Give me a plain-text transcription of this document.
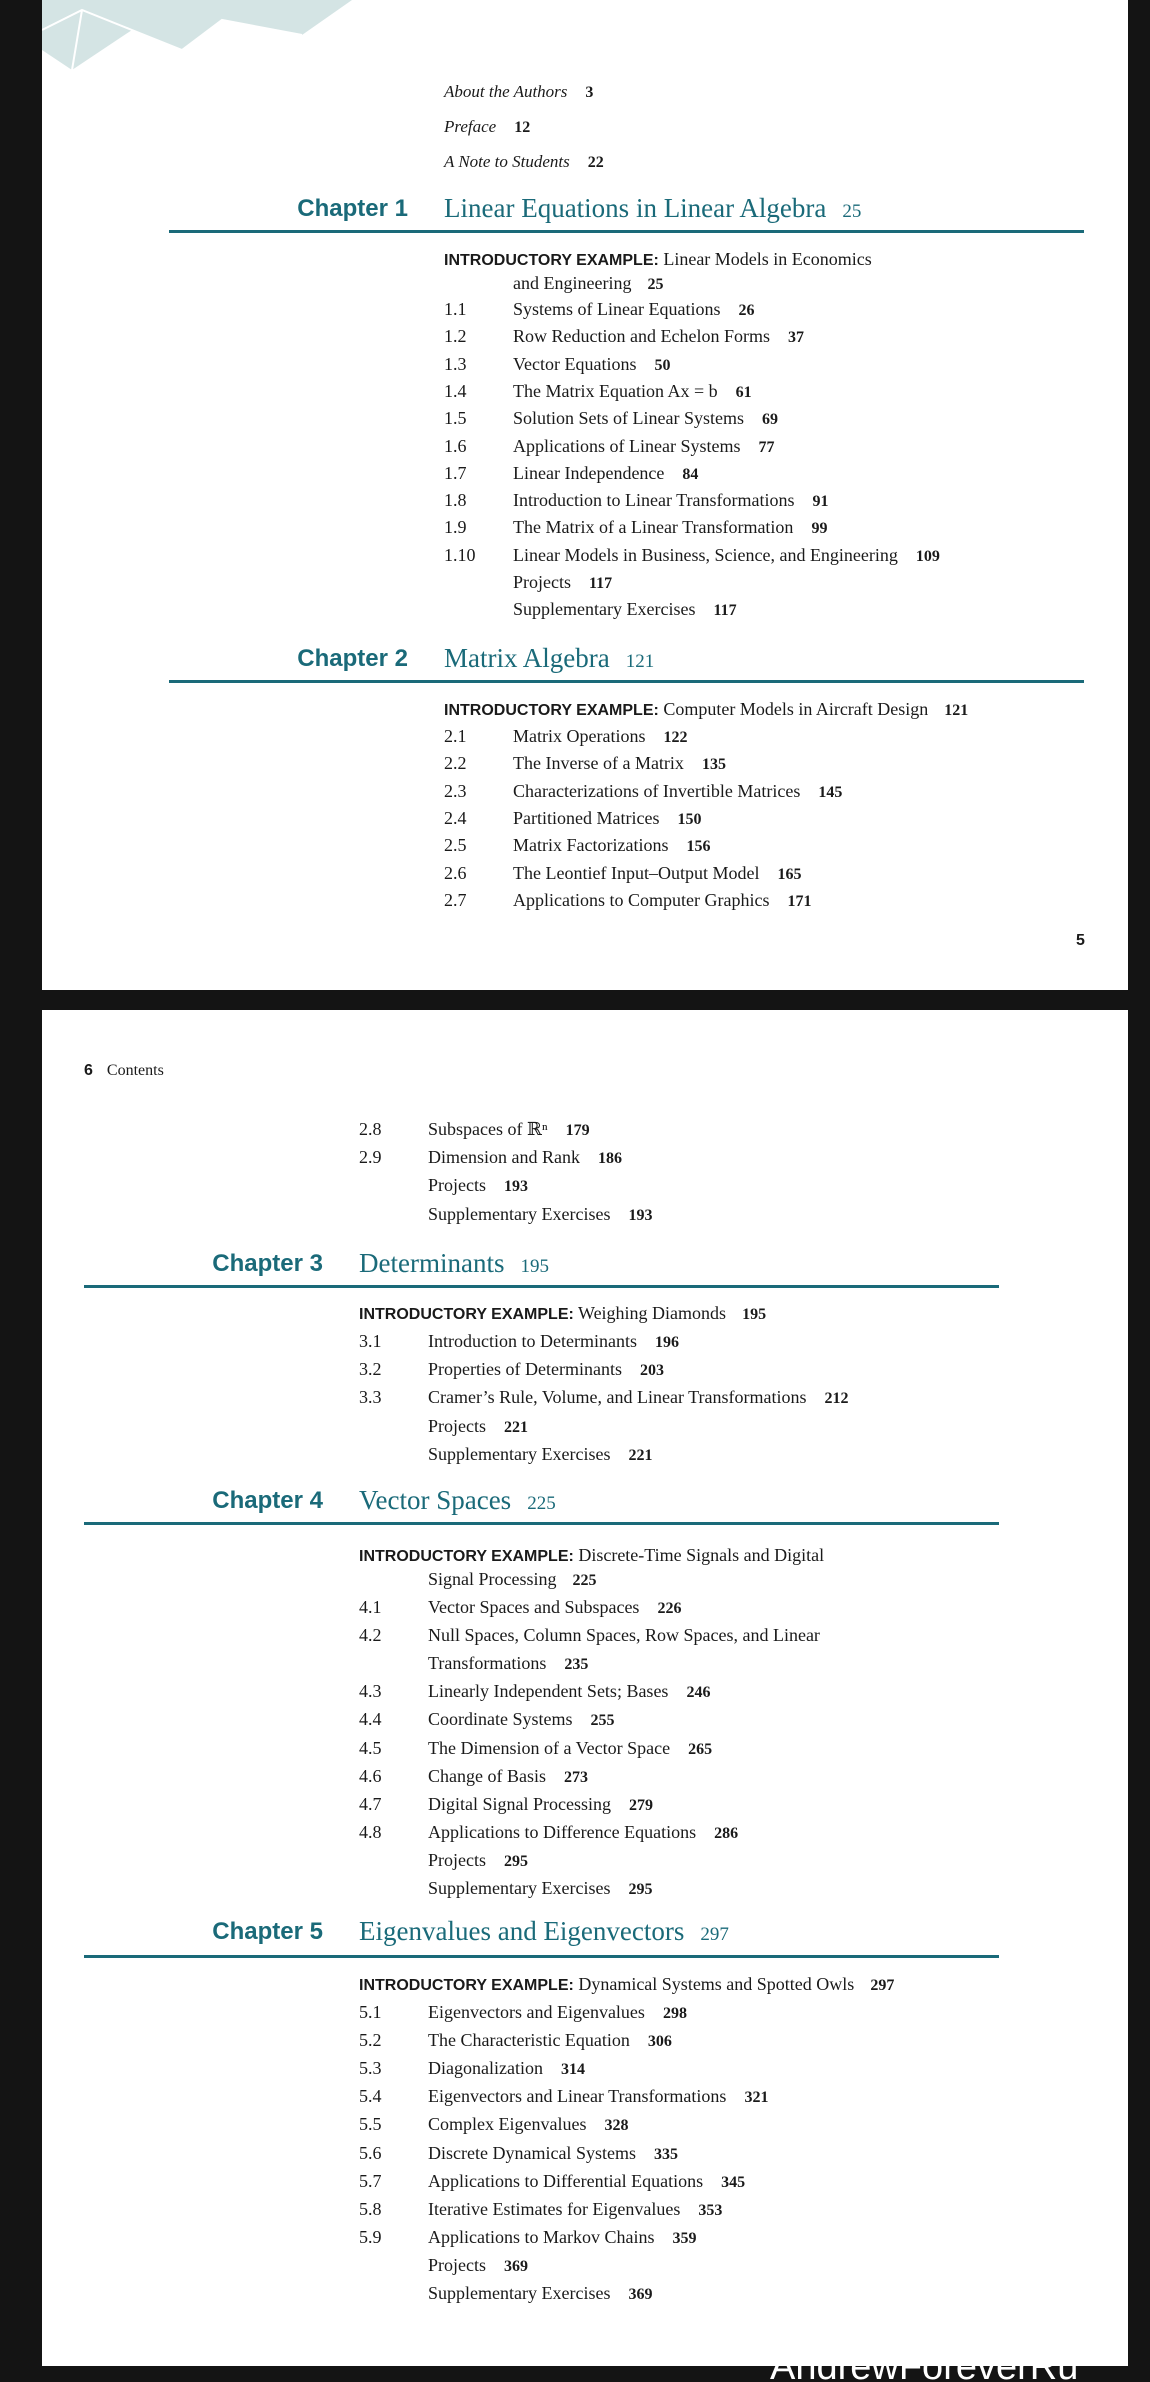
About the Authors 3
Preface 12
A Note to Students 22
Chapter 1 Linear Equations in Linear Algebra 25
INTRODUCTORY EXAMPLE: Linear Models in Economics
and Engineering 25
1.1	Systems of Linear Equations 26
1.2	Row Reduction and Echelon Forms 37
1.3	Vector Equations 50
1.4	The Matrix Equation Ax = b 61
1.5	Solution Sets of Linear Systems 69
1.6	Applications of Linear Systems 77
1.7	Linear Independence 84
1.8	Introduction to Linear Transformations 91
1.9	The Matrix of a Linear Transformation 99
1.10 Linear Models in Business, Science, and Engineering 109
Projects 117
Supplementary Exercises 117
Chapter 2 Matrix Algebra 121
INTRODUCTORY EXAMPLE: Computer Models in Aircraft Design 121
2.1	Matrix Operations 122
2.2	The Inverse of a Matrix 135
2.3	Characterizations of Invertible Matrices 145
2.4	Partitioned Matrices 150
2.5	Matrix Factorizations 156
2.6	The Leontief Input–Output Model 165
2.7	Applications to Computer Graphics 171
5
6 Contents
2.8	Subspaces of ℝⁿ 179
2.9	Dimension and Rank 186
Projects 193
Supplementary Exercises 193
Chapter 3 Determinants 195
INTRODUCTORY EXAMPLE: Weighing Diamonds 195
3.1	Introduction to Determinants 196
3.2	Properties of Determinants 203
3.3	Cramer’s Rule, Volume, and Linear Transformations 212
Projects 221
Supplementary Exercises 221
Chapter 4 Vector Spaces 225
INTRODUCTORY EXAMPLE: Discrete-Time Signals and Digital
Signal Processing 225
4.1	Vector Spaces and Subspaces 226
4.2	Null Spaces, Column Spaces, Row Spaces, and Linear
Transformations 235
4.3	Linearly Independent Sets; Bases 246
4.4	Coordinate Systems 255
4.5	The Dimension of a Vector Space 265
4.6	Change of Basis 273
4.7	Digital Signal Processing 279
4.8	Applications to Difference Equations 286
Projects 295
Supplementary Exercises 295
Chapter 5 Eigenvalues and Eigenvectors 297
INTRODUCTORY EXAMPLE: Dynamical Systems and Spotted Owls 297
5.1	Eigenvectors and Eigenvalues 298
5.2	The Characteristic Equation 306
5.3	Diagonalization 314
5.4	Eigenvectors and Linear Transformations 321
5.5	Complex Eigenvalues 328
5.6	Discrete Dynamical Systems 335
5.7	Applications to Differential Equations 345
5.8	Iterative Estimates for Eigenvalues 353
5.9	Applications to Markov Chains 359
Projects 369
Supplementary Exercises 369
AndrewForeverRu
